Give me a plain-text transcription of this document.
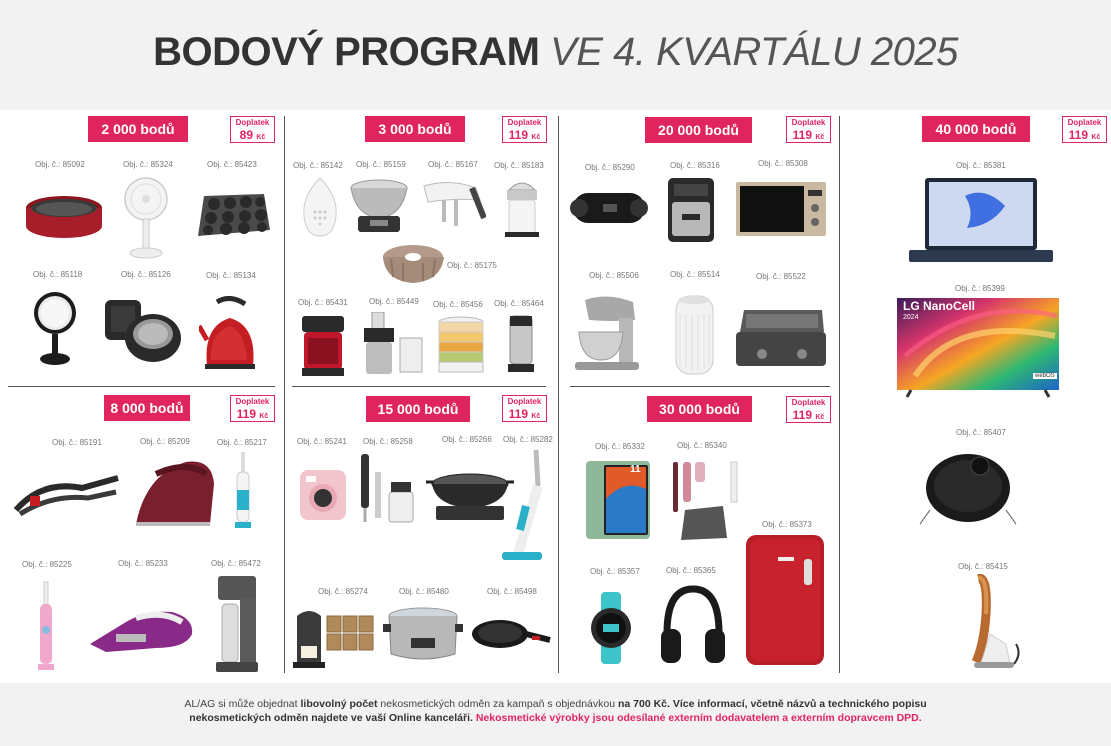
BODOVÝ PROGRAM VE 4. KVARTÁLU 2025
2 000 bodů	Doplatek
89 Kč
3 000 bodů	Doplatek
119 Kč	20 000 bodů	Doplatek
119 Kč
40 000 bodů	Doplatek
119 Kč
8 000 bodů	Doplatek
119 Kč	15 000 bodů	Doplatek
119 Kč	30 000 bodů	Doplatek
119 Kč
Obj. č.: 85092	Obj. č.: 85324	Obj. č.: 85423
Obj. č.: 85118	Obj. č.: 85126	Obj. č.: 85134
Obj. č.: 85142 Obj. č.: 85159	Obj. č.: 85167 Obj. č.: 85183
Obj. č.: 85175
Obj. č.: 85431	Obj. č.: 85449 Obj. č.: 85456 Obj. č.: 85464
Obj. č.: 85290	Obj. č.: 85316	Obj. č.: 85308
Obj. č.: 85506	Obj. č.: 85514	Obj. č.: 85522
Obj. č.: 85381
Obj. č.: 85399
LG NanoCell
2024
webOS
Obj. č.: 85407
Obj. č.: 85415
Obj. č.: 85191	Obj. č.: 85209	Obj. č.: 85217
Obj. č.: 85225	Obj. č.: 85233	Obj. č.: 85472
Obj. č.: 85241 Obj. č.: 85258	Obj. č.: 85266 Obj. č.: 85282
Obj. č.: 85274	Obj. č.: 85480	Obj. č.: 85498
Obj. č.: 85332	Obj. č.: 85340
11
Obj. č.: 85373
Obj. č.: 85357	Obj. č.: 85365
AL/AG si může objednat libovolný počet nekosmetických odměn za kampaň s objednávkou na 700 Kč. Více informací, včetně názvů a technického popisu
nekosmetických odměn najdete ve vaší Online kanceláři. Nekosmetické výrobky jsou odesílané externím dodavatelem a externím dopravcem DPD.
